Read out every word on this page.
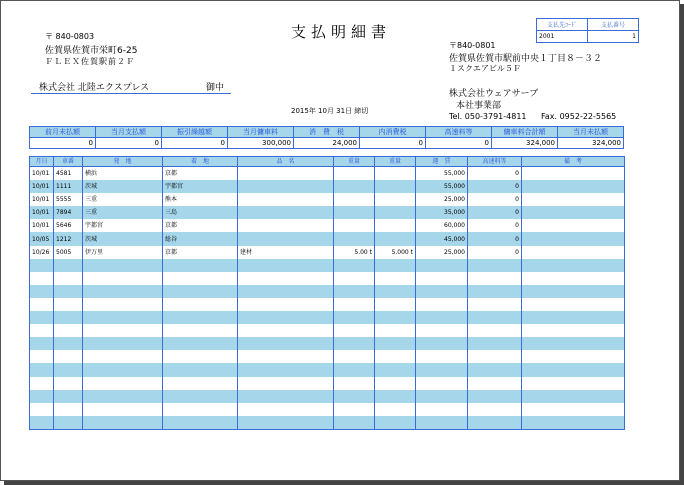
〒 840-0803
佐賀県佐賀市栄町6-25
ＦＬＥＸ佐賀駅前２Ｆ
支払明細書	支払先ｺｰﾄﾞ	支払番号
2001	1
〒840-0801
佐賀県佐賀市駅前中央１丁目８－３２
１スクエアビル５Ｆ
株式会社 北陸エクスプレス	御中
株式会社ウェアサーブ
本社事業部
Tel. 050-3791-4811 Fax. 0952-22-5565
2015年 10月 31日 締切
前月未払額	当月支払額	振引繰越額	当月傭車料	消　費　税	内消費税	高速料等	傭車料合計額	当月未払額
0	0	0	300,000	24,000	0	0	324,000	324,000
月日	車番	発　地	着　地	品　名	重量	重量	運　賃	高速料等	備　考
10/01	4581	横浜	京都				55,000	0	
10/01	1111	茨城	宇都宮				55,000	0	
10/01	5555	三重	熊本				25,000	0	
10/01	7894	三重	三島				35,000	0	
10/01	5646	宇都宮	京都				60,000	0	
10/05	1212	茨城	総谷				45,000	0	
10/26	5005	伊万里	京都	建材	5.00 t	5.000 t	25,000	0	
